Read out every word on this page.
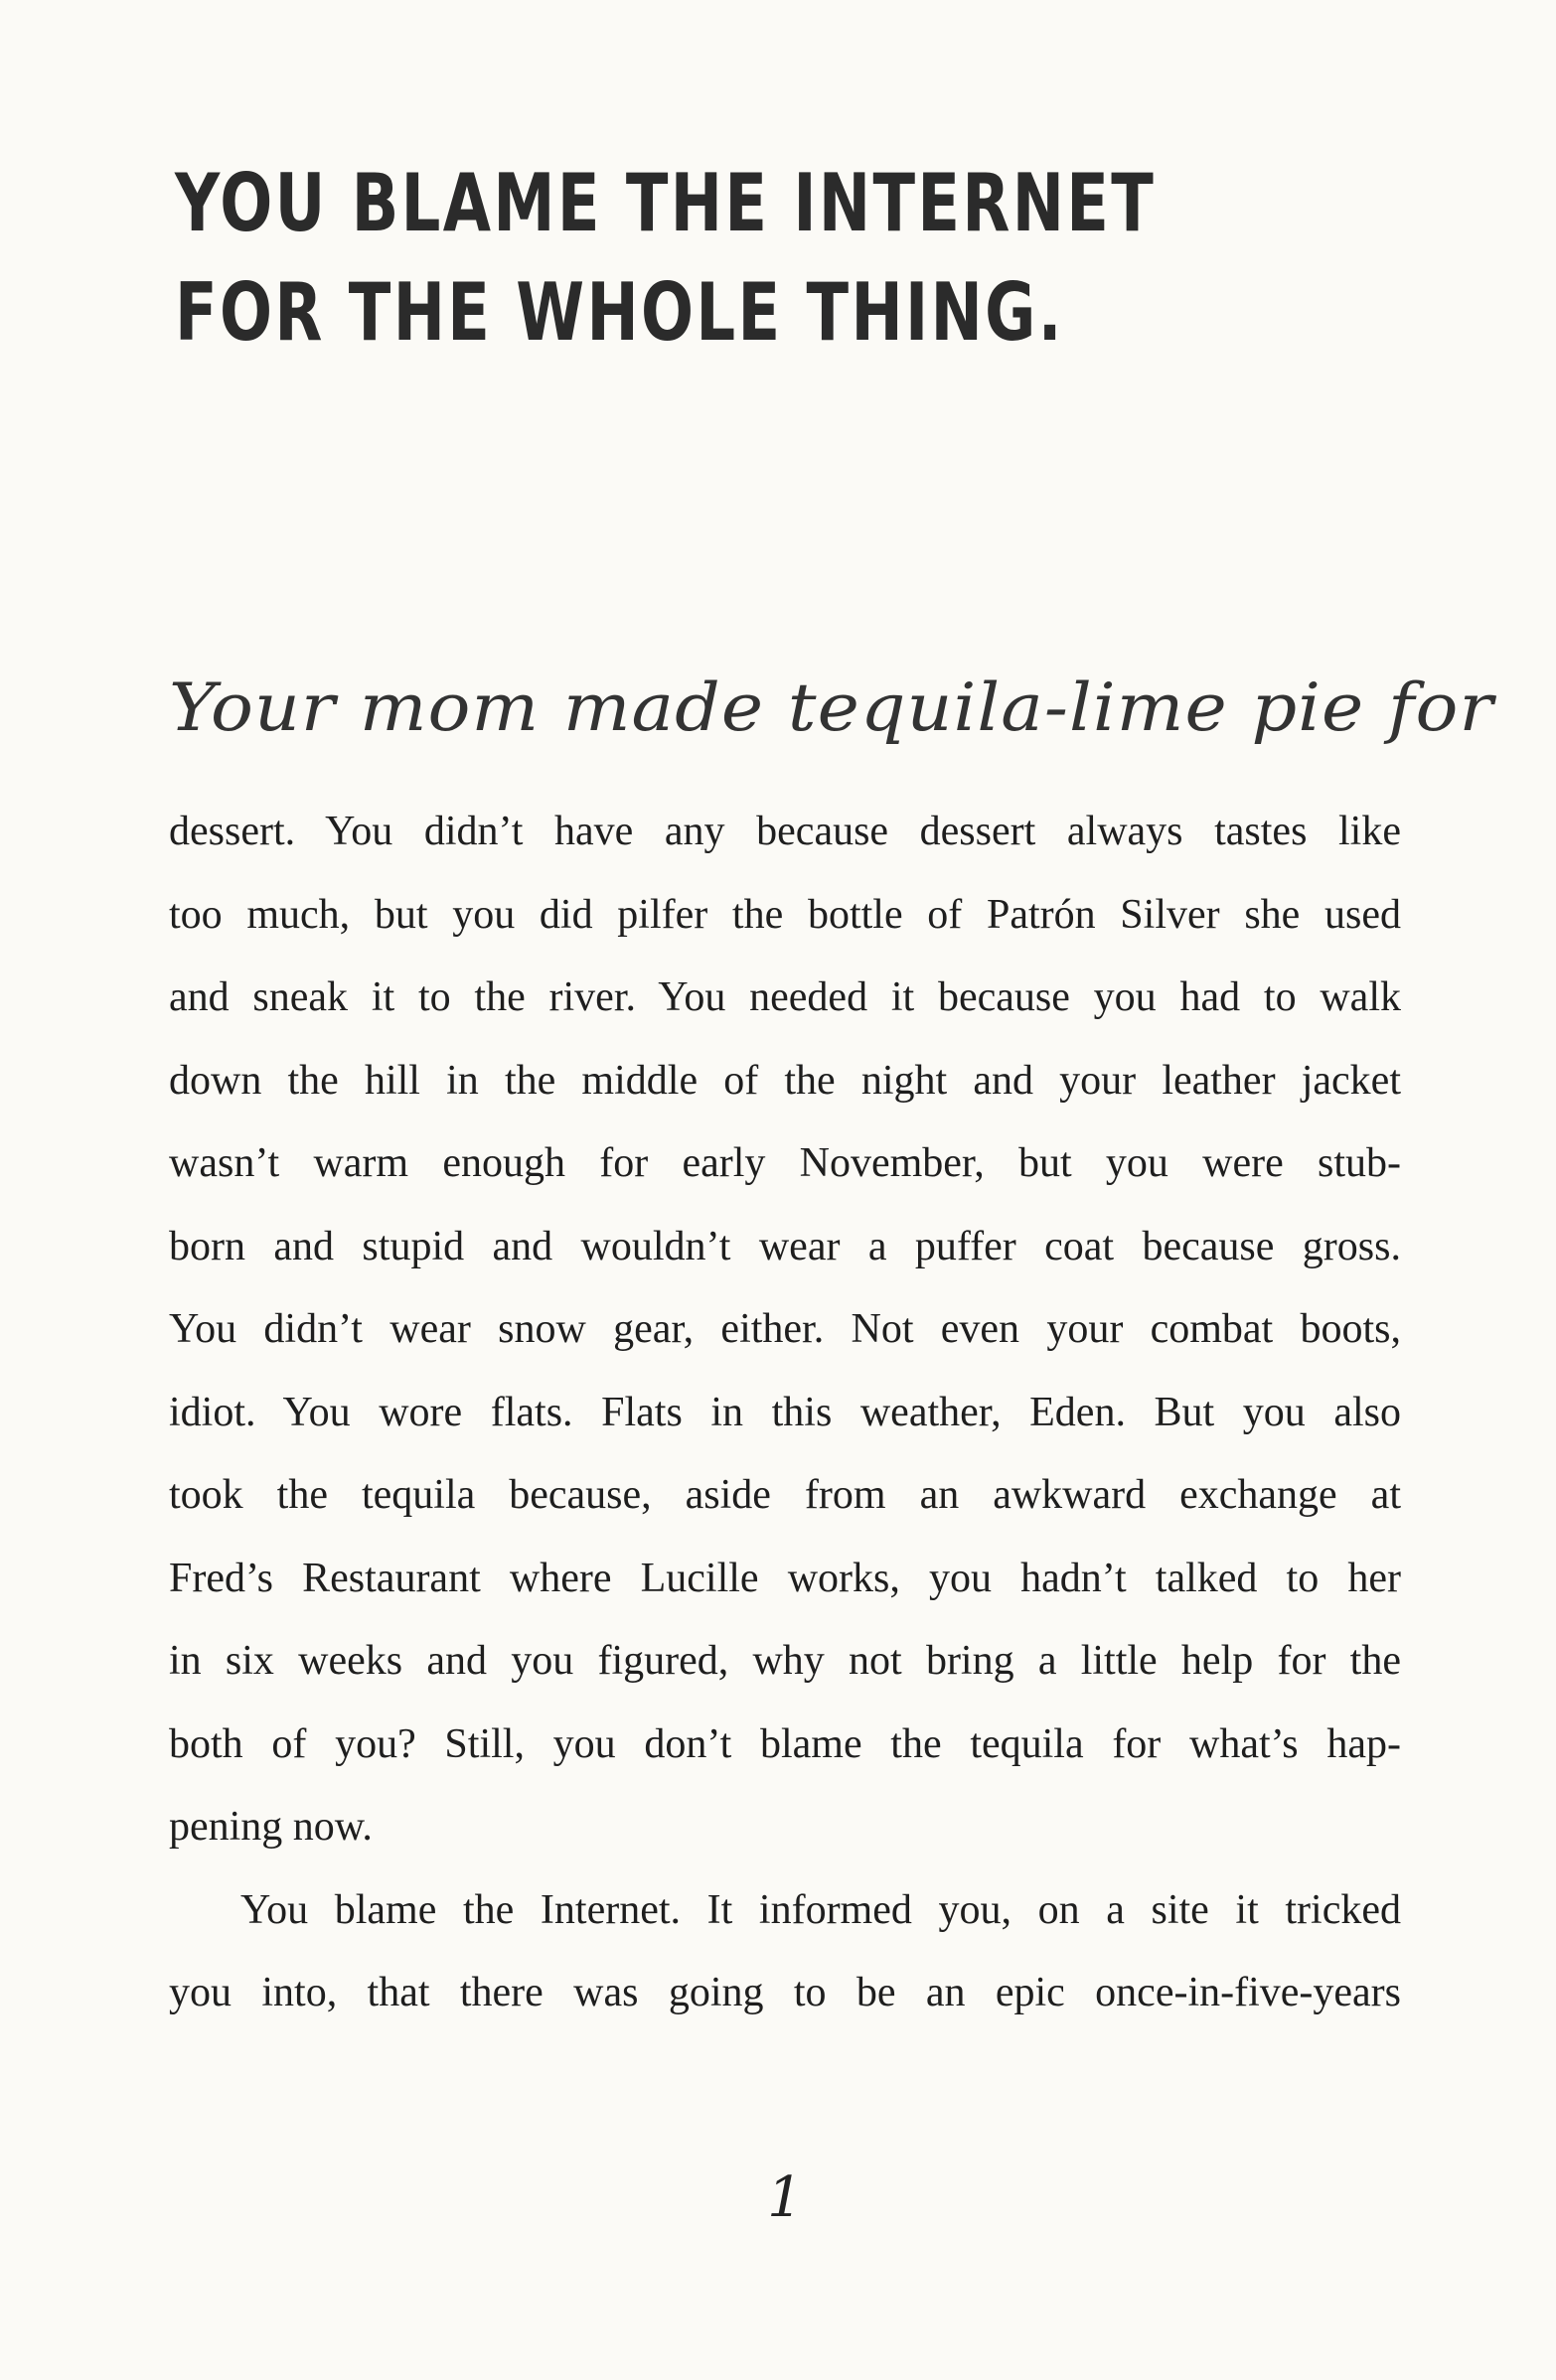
YOU BLAME THE INTERNET
FOR THE WHOLE THING.
Your mom made tequila-lime pie for
dessert. You didn’t have any because dessert always tastes like
too much, but you did pilfer the bottle of Patrón Silver she used
and sneak it to the river. You needed it because you had to walk
down the hill in the middle of the night and your leather jacket
wasn’t warm enough for early November, but you were stub-
born and stupid and wouldn’t wear a puffer coat because gross.
You didn’t wear snow gear, either. Not even your combat boots,
idiot. You wore flats. Flats in this weather, Eden. But you also
took the tequila because, aside from an awkward exchange at
Fred’s Restaurant where Lucille works, you hadn’t talked to her
in six weeks and you figured, why not bring a little help for the
both of you? Still, you don’t blame the tequila for what’s hap-
pening now.
You blame the Internet. It informed you, on a site it tricked
you into, that there was going to be an epic once-in-five-years
1
